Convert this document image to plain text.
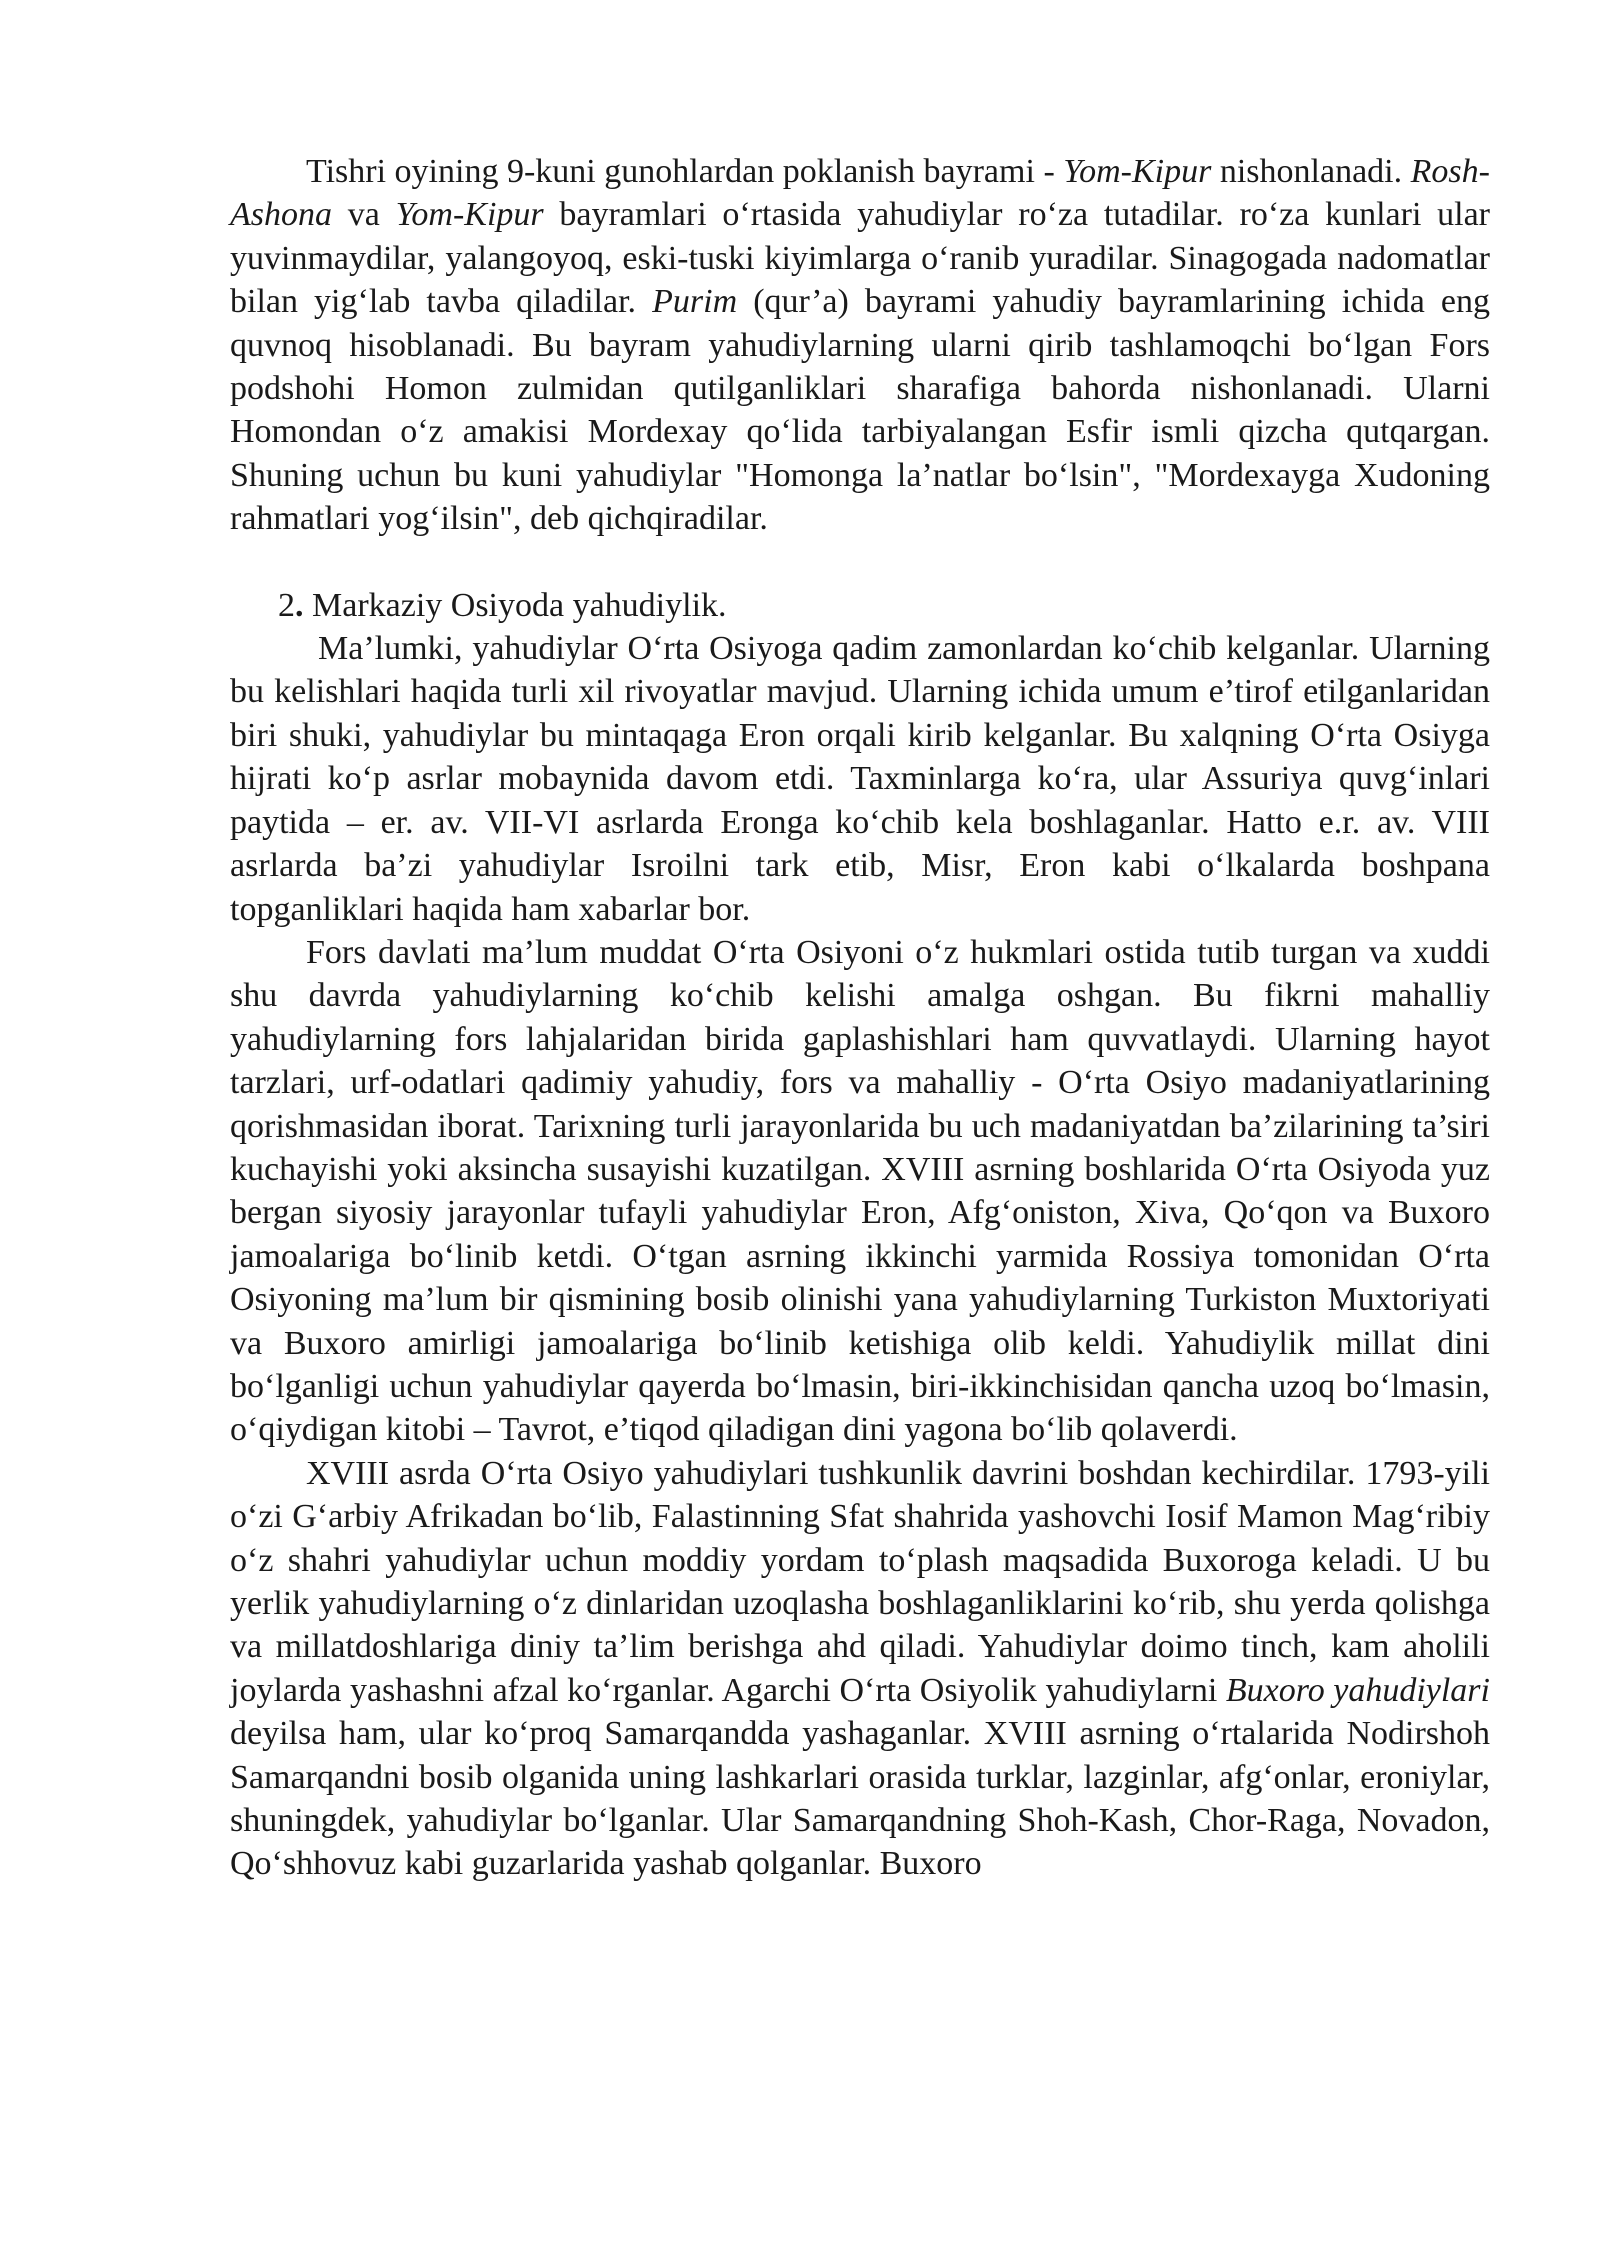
Tishri oyining 9-kuni gunohlardan poklanish bayrami - Yom-Kipur nishonlanadi. Rosh-Ashona va Yom-Kipur bayramlari o‘rtasida yahudiylar ro‘za tutadilar. ro‘za kunlari ular yuvinmaydilar, yalangoyoq, eski-tuski kiyimlarga o‘ranib yuradilar. Sinagogada nadomatlar bilan yig‘lab tavba qiladilar. Purim (qur’a) bayrami yahudiy bayramlarining ichida eng quvnoq hisoblanadi. Bu bayram yahudiylarning ularni qirib tashlamoqchi bo‘lgan Fors podshohi Homon zulmidan qutilganliklari sharafiga bahorda nishonlanadi. Ularni Homondan o‘z amakisi Mordexay qo‘lida tarbiyalangan Esfir ismli qizcha qutqargan. Shuning uchun bu kuni yahudiylar "Homonga la’natlar bo‘lsin", "Mordexayga Xudoning rahmatlari yog‘ilsin", deb qichqiradilar.

2. Markaziy Osiyoda yahudiylik.

Ma’lumki, yahudiylar O‘rta Osiyoga qadim zamonlardan ko‘chib kelganlar. Ularning bu kelishlari haqida turli xil rivoyatlar mavjud. Ularning ichida umum e’tirof etilganlaridan biri shuki, yahudiylar bu mintaqaga Eron orqali kirib kelganlar. Bu xalqning O‘rta Osiyga hijrati ko‘p asrlar mobaynida davom etdi. Taxminlarga ko‘ra, ular Assuriya quvg‘inlari paytida – er. av. VII-VI asrlarda Eronga ko‘chib kela boshlaganlar. Hatto e.r. av. VIII asrlarda ba’zi yahudiylar Isroilni tark etib, Misr, Eron kabi o‘lkalarda boshpana topganliklari haqida ham xabarlar bor.

Fors davlati ma’lum muddat O‘rta Osiyoni o‘z hukmlari ostida tutib turgan va xuddi shu davrda yahudiylarning ko‘chib kelishi amalga oshgan. Bu fikrni mahalliy yahudiylarning fors lahjalaridan birida gaplashishlari ham quvvatlaydi. Ularning hayot tarzlari, urf-odatlari qadimiy yahudiy, fors va mahalliy - O‘rta Osiyo madaniyatlarining qorishmasidan iborat. Tarixning turli jarayonlarida bu uch madaniyatdan ba’zilarining ta’siri kuchayishi yoki aksincha susayishi kuzatilgan. XVIII asrning boshlarida O‘rta Osiyoda yuz bergan siyosiy jarayonlar tufayli yahudiylar Eron, Afg‘oniston, Xiva, Qo‘qon va Buxoro jamoalariga bo‘linib ketdi. O‘tgan asrning ikkinchi yarmida Rossiya tomonidan O‘rta Osiyoning ma’lum bir qismining bosib olinishi yana yahudiylarning Turkiston Muxtoriyati va Buxoro amirligi jamoalariga bo‘linib ketishiga olib keldi. Yahudiylik millat dini bo‘lganligi uchun yahudiylar qayerda bo‘lmasin, biri-ikkinchisidan qancha uzoq bo‘lmasin, o‘qiydigan kitobi – Tavrot, e’tiqod qiladigan dini yagona bo‘lib qolaverdi.

XVIII asrda O‘rta Osiyo yahudiylari tushkunlik davrini boshdan kechirdilar. 1793-yili o‘zi G‘arbiy Afrikadan bo‘lib, Falastinning Sfat shahrida yashovchi Iosif Mamon Mag‘ribiy o‘z shahri yahudiylar uchun moddiy yordam to‘plash maqsadida Buxoroga keladi. U bu yerlik yahudiylarning o‘z dinlaridan uzoqlasha boshlaganliklarini ko‘rib, shu yerda qolishga va millatdoshlariga diniy ta’lim berishga ahd qiladi. Yahudiylar doimo tinch, kam aholili joylarda yashashni afzal ko‘rganlar. Agarchi O‘rta Osiyolik yahudiylarni Buxoro yahudiylari deyilsa ham, ular ko‘proq Samarqandda yashaganlar. XVIII asrning o‘rtalarida Nodirshoh Samarqandni bosib olganida uning lashkarlari orasida turklar, lazginlar, afg‘onlar, eroniylar, shuningdek, yahudiylar bo‘lganlar. Ular Samarqandning Shoh-Kash, Chor-Raga, Novadon, Qo‘shhovuz kabi guzarlarida yashab qolganlar. Buxoro
